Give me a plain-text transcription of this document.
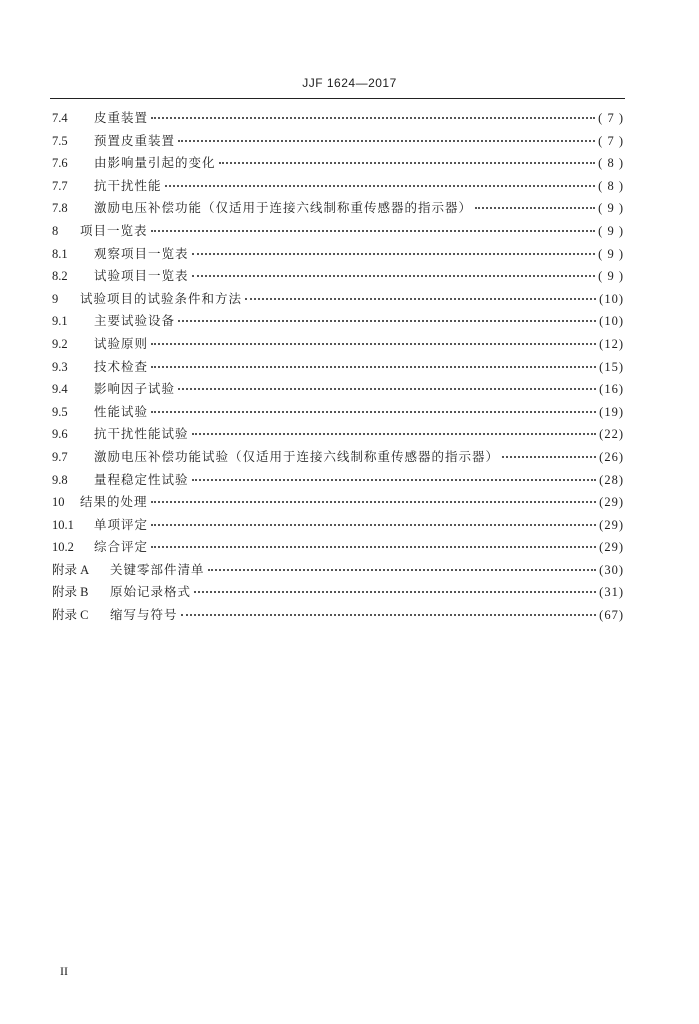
JJF 1624—2017
7.4	皮重装置	( 7 )
7.5	预置皮重装置	( 7 )
7.6	由影响量引起的变化	( 8 )
7.7	抗干扰性能	( 8 )
7.8	激励电压补偿功能（仅适用于连接六线制称重传感器的指示器）	( 9 )
8	项目一览表	( 9 )
8.1	观察项目一览表	( 9 )
8.2	试验项目一览表	( 9 )
9	试验项目的试验条件和方法	(10)
9.1	主要试验设备	(10)
9.2	试验原则	(12)
9.3	技术检查	(15)
9.4	影响因子试验	(16)
9.5	性能试验	(19)
9.6	抗干扰性能试验	(22)
9.7	激励电压补偿功能试验（仅适用于连接六线制称重传感器的指示器）	(26)
9.8	量程稳定性试验	(28)
10	结果的处理	(29)
10.1	单项评定	(29)
10.2	综合评定	(29)
附录 A	关键零部件清单	(30)
附录 B	原始记录格式	(31)
附录 C	缩写与符号	(67)
II
